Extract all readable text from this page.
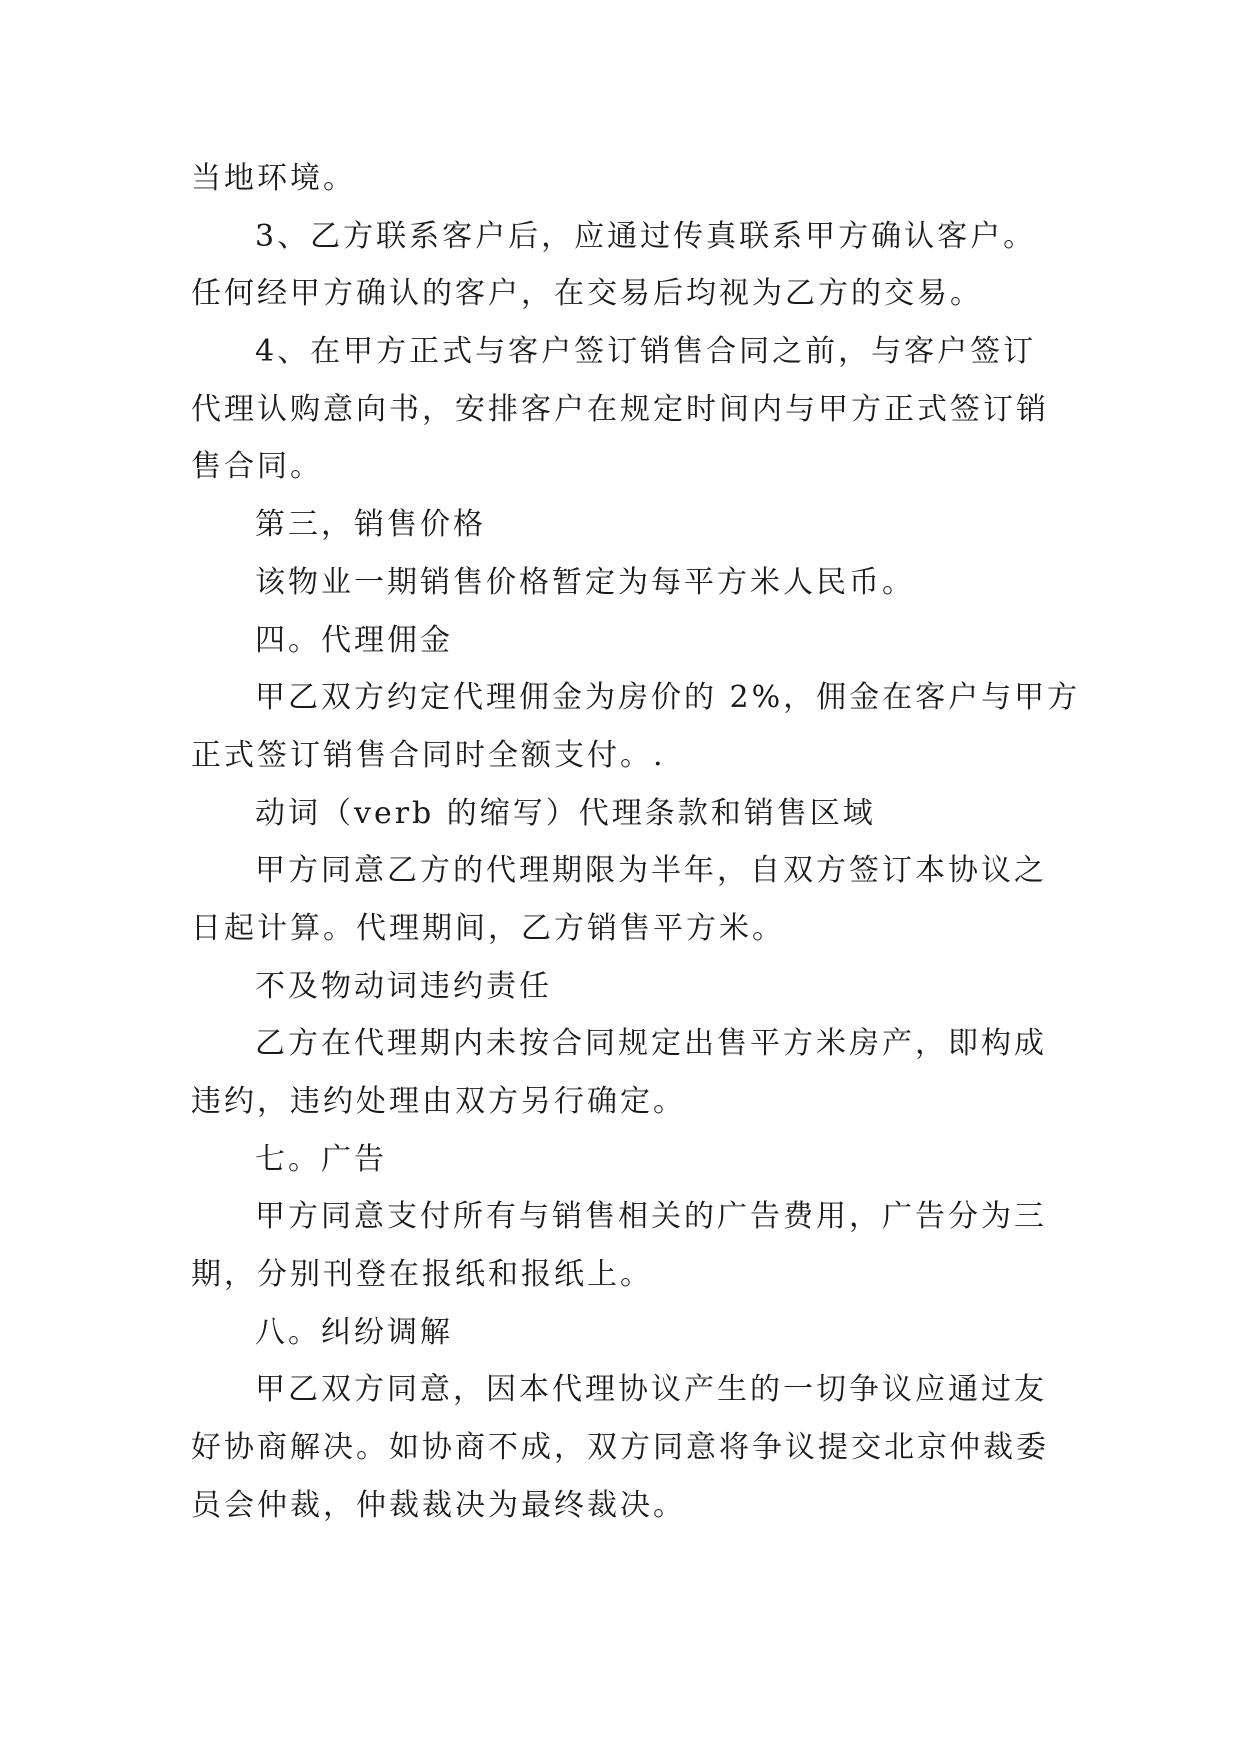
当地环境。
3、乙方联系客户后，应通过传真联系甲方确认客户。
任何经甲方确认的客户，在交易后均视为乙方的交易。
4、在甲方正式与客户签订销售合同之前，与客户签订
代理认购意向书，安排客户在规定时间内与甲方正式签订销
售合同。
第三，销售价格
该物业一期销售价格暂定为每平方米人民币。
四。代理佣金
甲乙双方约定代理佣金为房价的 2%，佣金在客户与甲方
正式签订销售合同时全额支付。.
动词（verb 的缩写）代理条款和销售区域
甲方同意乙方的代理期限为半年，自双方签订本协议之
日起计算。代理期间，乙方销售平方米。
不及物动词违约责任
乙方在代理期内未按合同规定出售平方米房产，即构成
违约，违约处理由双方另行确定。
七。广告
甲方同意支付所有与销售相关的广告费用，广告分为三
期，分别刊登在报纸和报纸上。
八。纠纷调解
甲乙双方同意，因本代理协议产生的一切争议应通过友
好协商解决。如协商不成，双方同意将争议提交北京仲裁委
员会仲裁，仲裁裁决为最终裁决。
